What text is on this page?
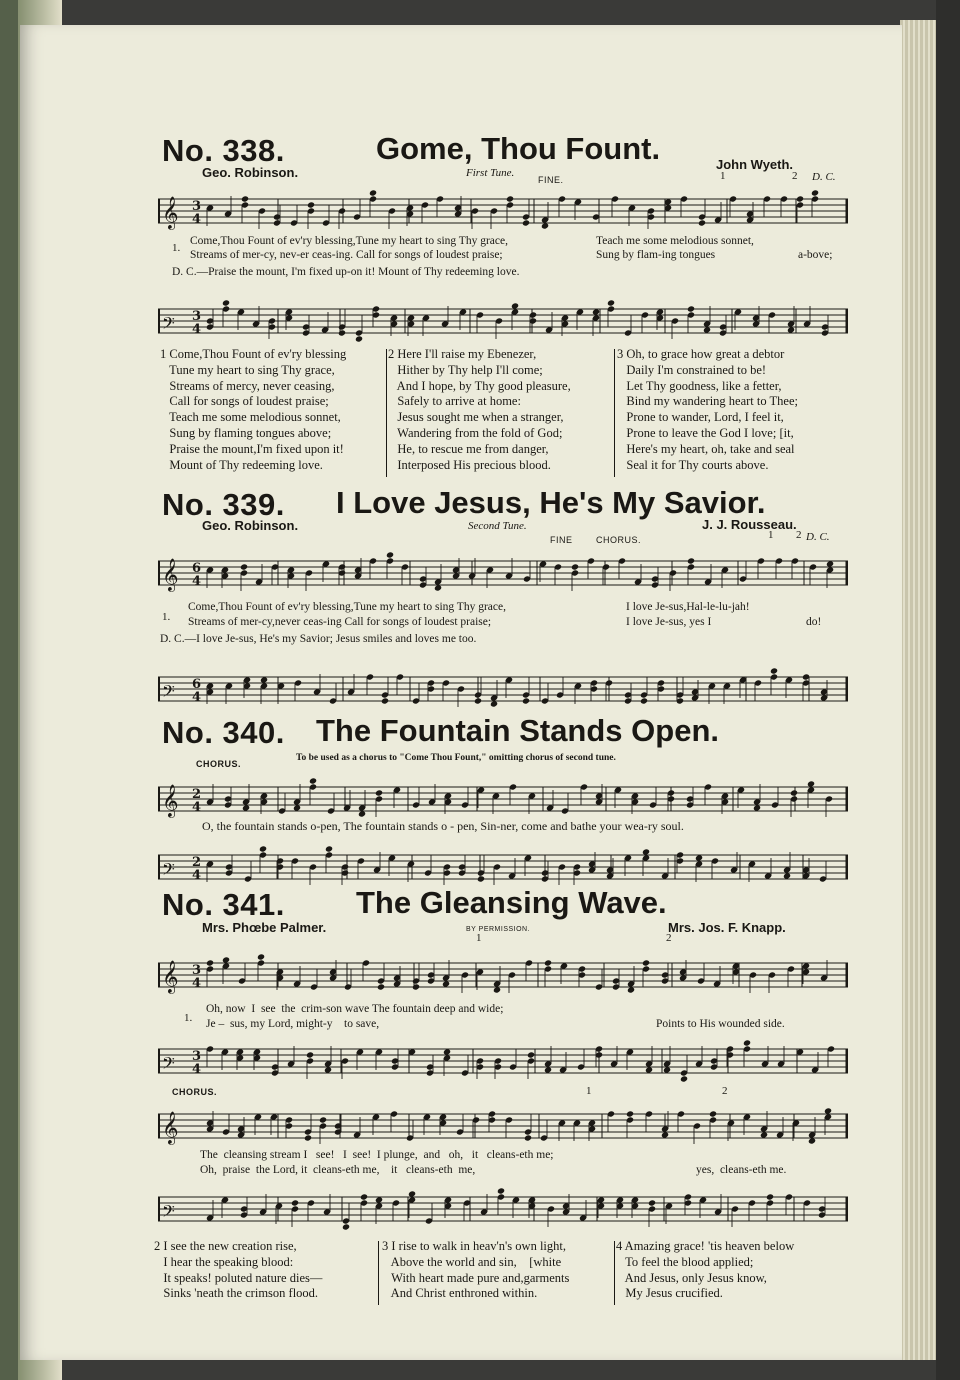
No. 338.	Gome, Thou Fount.
Geo. Robinson.
John Wyeth.
First Tune.
FINE.	1	2 D. C.
𝄞 3
4
1.
Come,Thou Fount of ev'ry blessing,Tune my heart to sing Thy grace,
Streams of mer-cy, nev-er ceas-ing. Call for songs of loudest praise;
Teach me some melodious sonnet,
Sung by flam-ing tongues	a-bove;
D. C.—Praise the mount, I'm fixed up-on it! Mount of Thy redeeming love.
𝄢 3
4
1 Come,Thou Fount of ev'ry blessing
Tune my heart to sing Thy grace,
Streams of mercy, never ceasing,
Call for songs of loudest praise;
Teach me some melodious sonnet,
Sung by flaming tongues above;
Praise the mount,I'm fixed upon it!
Mount of Thy redeeming love.
2 Here I'll raise my Ebenezer,
Hither by Thy help I'll come;
And I hope, by Thy good pleasure,
Safely to arrive at home:
Jesus sought me when a stranger,
Wandering from the fold of God;
He, to rescue me from danger,
Interposed His precious blood.
3 Oh, to grace how great a debtor
Daily I'm constrained to be!
Let Thy goodness, like a fetter,
Bind my wandering heart to Thee;
Prone to wander, Lord, I feel it,
Prone to leave the God I love; [it,
Here's my heart, oh, take and seal
Seal it for Thy courts above.
No. 339. I Love Jesus, He's My Savior.
Geo. Robinson.	J. J. Rousseau.
Second Tune.
FINE	CHORUS.	1 2 D. C.
𝄞 6
4
1.
Come,Thou Fount of ev'ry blessing,Tune my heart to sing Thy grace,
Streams of mer-cy,never ceas-ing Call for songs of loudest praise;
I love Je-sus,Hal-le-lu-jah!
I love Je-sus, yes I	do!
D. C.—I love Je-sus, He's my Savior; Jesus smiles and loves me too.
𝄢 6
4
No. 340. The Fountain Stands Open.
CHORUS.
To be used as a chorus to "Come Thou Fount," omitting chorus of second tune.
𝄞 2
4
O, the fountain stands o-pen, The fountain stands o - pen, Sin-ner, come and bathe your wea-ry soul.
𝄢 2
4
No. 341. The Gleansing Wave.
Mrs. Phœbe Palmer.	Mrs. Jos. F. Knapp.
BY PERMISSION.
1	2
𝄞 3
4
1.
Oh, now  I  see  the  crim-son wave The fountain deep and wide;
Je –  sus, my Lord, might-y    to save,	Points to His wounded side.
𝄢 3
4
CHORUS.	1	2
𝄞
The  cleansing stream I   see!   I  see!  I plunge,  and   oh,   it   cleans-eth me;
Oh,  praise  the Lord, it  cleans-eth me,    it   cleans-eth  me,	yes,  cleans-eth me.
𝄢
2 I see the new creation rise,
I hear the speaking blood:
It speaks! poluted nature dies—
Sinks 'neath the crimson flood.
3 I rise to walk in heav'n's own light,
Above the world and sin,    [white
With heart made pure and,garments
And Christ enthroned within.
4 Amazing grace! 'tis heaven below
To feel the blood applied;
And Jesus, only Jesus know,
My Jesus crucified.
